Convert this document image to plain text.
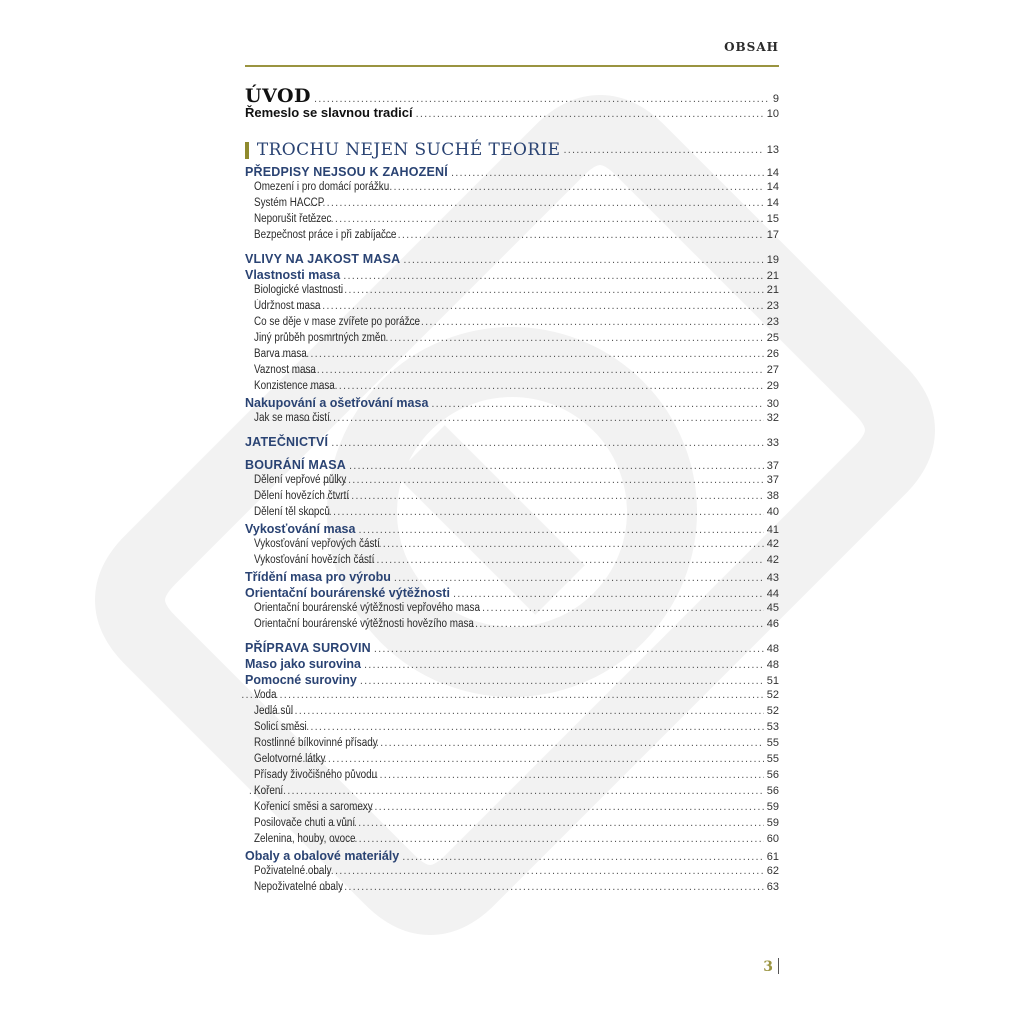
OBSAH
ÚVOD .....	9
Řemeslo se slavnou tradicí .....	10
TROCHU NEJEN SUCHÉ TEORIE .....	13
PŘEDPISY NEJSOU K ZAHOZENÍ .....	14
Omezení i pro domácí porážku .....	14
Systém HACCP .....	14
Neporušit řetězec .....	15
Bezpečnost práce i při zabíjačce .....	17
VLIVY NA JAKOST MASA .....	19
Vlastnosti masa .....	21
Biologické vlastnosti .....	21
Údržnost masa .....	23
Co se děje v mase zvířete po porážce .....	23
Jiný průběh posmrtných změn .....	25
Barva masa .....	26
Vaznost masa .....	27
Konzistence masa .....	29
Nakupování a ošetřování masa .....	30
Jak se maso čistí .....	32
JATEČNICTVÍ .....	33
BOURÁNÍ MASA .....	37
Dělení vepřové půlky .....	37
Dělení hovězích čtvrtí .....	38
Dělení těl skopců .....	40
Vykosťování masa .....	41
Vykosťování vepřových částí .....	42
Vykosťování hovězích částí .....	42
Třídění masa pro výrobu .....	43
Orientační bourárenské výtěžnosti .....	44
Orientační bourárenské výtěžnosti vepřového masa .....	45
Orientační bourárenské výtěžnosti hovězího masa .....	46
PŘÍPRAVA SUROVIN .....	48
Maso jako surovina .....	48
Pomocné suroviny .....	51
Voda .....	52
Jedlá sůl .....	52
Solicí směsi .....	53
Rostlinné bílkovinné přísady .....	55
Gelotvorné látky .....	55
Přísady živočišného původu .....	56
Koření .....	56
Kořenicí směsi a saromexy .....	59
Posilovače chuti a vůní .....	59
Zelenina, houby, ovoce .....	60
Obaly a obalové materiály .....	61
Poživatelné obaly .....	62
Nepoživatelné obaly .....	63
3
